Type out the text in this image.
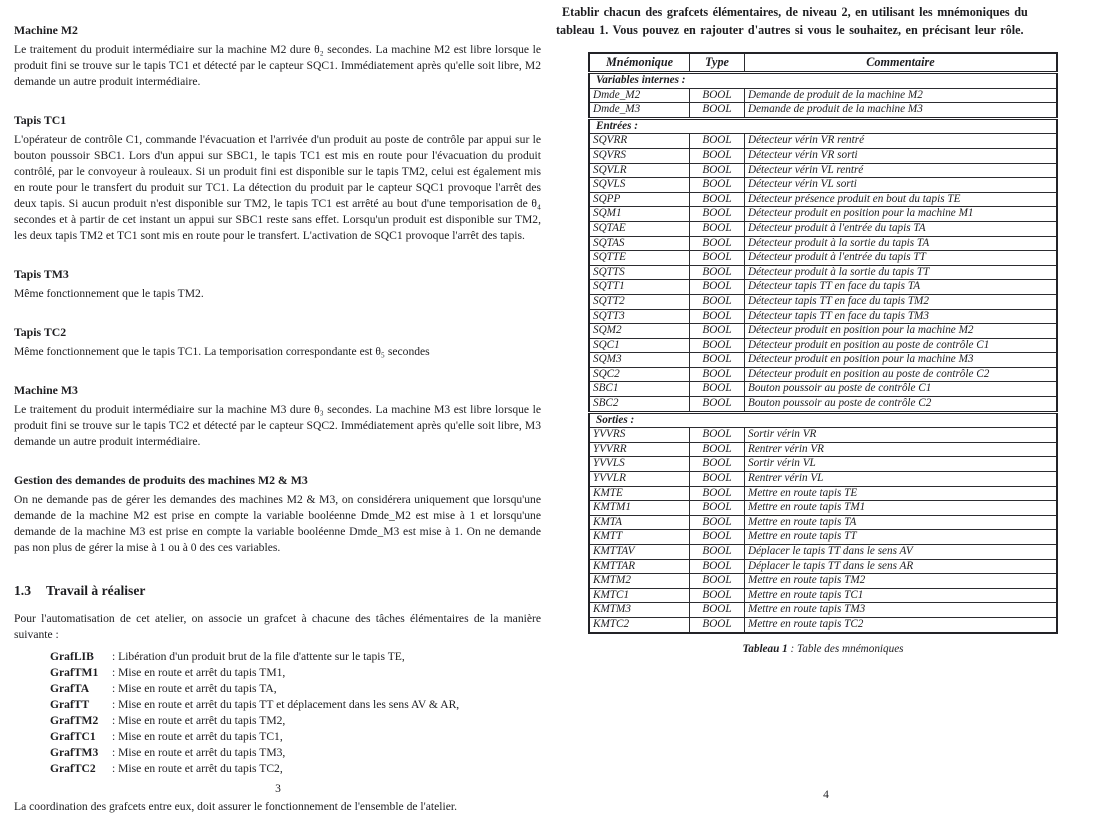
Machine M2

Le traitement du produit intermédiaire sur la machine M2 dure θ₂ secondes. La machine M2 est libre lorsque le produit fini se trouve sur le tapis TC1 et détecté par le capteur SQC1. Immédiatement après qu'elle soit libre, M2 demande un autre produit intermédiaire.

Tapis TC1

L'opérateur de contrôle C1, commande l'évacuation et l'arrivée d'un produit au poste de contrôle par appui sur le bouton poussoir SBC1. Lors d'un appui sur SBC1, le tapis TC1 est mis en route pour l'évacuation du produit contrôlé, par le convoyeur à rouleaux. Si un produit fini est disponible sur le tapis TM2, celui est également mis en route pour le transfert du produit sur TC1. La détection du produit par le capteur SQC1 provoque l'arrêt des deux tapis. Si aucun produit n'est disponible sur TM2, le tapis TC1 est arrêté au bout d'une temporisation de θ₄ secondes et à partir de cet instant un appui sur SBC1 reste sans effet. Lorsqu'un produit est disponible sur TM2, les deux tapis TM2 et TC1 sont mis en route pour le transfert. L'activation de SQC1 provoque l'arrêt des tapis.

Tapis TM3

Même fonctionnement que le tapis TM2.

Tapis TC2

Même fonctionnement que le tapis TC1. La temporisation correspondante est θ₅ secondes

Machine M3

Le traitement du produit intermédiaire sur la machine M3 dure θ₃ secondes. La machine M3 est libre lorsque le produit fini se trouve sur le tapis TC2 et détecté par le capteur SQC2. Immédiatement après qu'elle soit libre, M3 demande un autre produit intermédiaire.

Gestion des demandes de produits des machines M2 & M3

On ne demande pas de gérer les demandes des machines M2 & M3, on considérera uniquement que lorsqu'une demande de la machine M2 est prise en compte la variable booléenne Dmde_M2 est mise à 1 et lorsqu'une demande de la machine M3 est prise en compte la variable booléenne Dmde_M3 est mise à 1. On ne demande pas non plus de gérer la mise à 1 ou à 0 des ces variables.

1.3 Travail à réaliser

Pour l'automatisation de cet atelier, on associe un grafcet à chacune des tâches élémentaires de la manière suivante :

GrafLIB	: Libération d'un produit brut de la file d'attente sur le tapis TE,
GrafTM1	: Mise en route et arrêt du tapis TM1,
GrafTA	: Mise en route et arrêt du tapis TA,
GrafTT	: Mise en route et arrêt du tapis TT et déplacement dans les sens AV & AR,
GrafTM2	: Mise en route et arrêt du tapis TM2,
GrafTC1	: Mise en route et arrêt du tapis TC1,
GrafTM3	: Mise en route et arrêt du tapis TM3,
GrafTC2	: Mise en route et arrêt du tapis TC2,

La coordination des grafcets entre eux, doit assurer le fonctionnement de l'ensemble de l'atelier.

Etablir chacun des grafcets élémentaires, de niveau 2, en utilisant les mnémoniques du
tableau 1. Vous pouvez en rajouter d'autres si vous le souhaitez, en précisant leur rôle.
Mnémonique	Type	Commentaire
Variables internes :		
Dmde_M2	BOOL	Demande de produit de la machine M2
Dmde_M3	BOOL	Demande de produit de la machine M3
Entrées :		
SQVRR	BOOL	Détecteur vérin VR rentré
SQVRS	BOOL	Détecteur vérin VR sorti
SQVLR	BOOL	Détecteur vérin VL rentré
SQVLS	BOOL	Détecteur vérin VL sorti
SQPP	BOOL	Détecteur présence produit en bout du tapis TE
SQM1	BOOL	Détecteur produit en position pour la machine M1
SQTAE	BOOL	Détecteur produit à l'entrée du tapis TA
SQTAS	BOOL	Détecteur produit à la sortie du tapis TA
SQTTE	BOOL	Détecteur produit à l'entrée du tapis TT
SQTTS	BOOL	Détecteur produit à la sortie du tapis TT
SQTT1	BOOL	Détecteur tapis TT en face du tapis TA
SQTT2	BOOL	Détecteur tapis TT en face du tapis TM2
SQTT3	BOOL	Détecteur tapis TT en face du tapis TM3
SQM2	BOOL	Détecteur produit en position pour la machine M2
SQC1	BOOL	Détecteur produit en position au poste de contrôle C1
SQM3	BOOL	Détecteur produit en position pour la machine M3
SQC2	BOOL	Détecteur produit en position au poste de contrôle C2
SBC1	BOOL	Bouton poussoir au poste de contrôle C1
SBC2	BOOL	Bouton poussoir au poste de contrôle C2
Sorties :		
YVVRS	BOOL	Sortir vérin VR
YVVRR	BOOL	Rentrer vérin VR
YVVLS	BOOL	Sortir vérin VL
YVVLR	BOOL	Rentrer vérin VL
KMTE	BOOL	Mettre en route tapis TE
KMTM1	BOOL	Mettre en route tapis TM1
KMTA	BOOL	Mettre en route tapis TA
KMTT	BOOL	Mettre en route tapis TT
KMTTAV	BOOL	Déplacer le tapis TT dans le sens AV
KMTTAR	BOOL	Déplacer le tapis TT dans le sens AR
KMTM2	BOOL	Mettre en route tapis TM2
KMTC1	BOOL	Mettre en route tapis TC1
KMTM3	BOOL	Mettre en route tapis TM3
KMTC2	BOOL	Mettre en route tapis TC2
Tableau 1 : Table des mnémoniques
3	4
